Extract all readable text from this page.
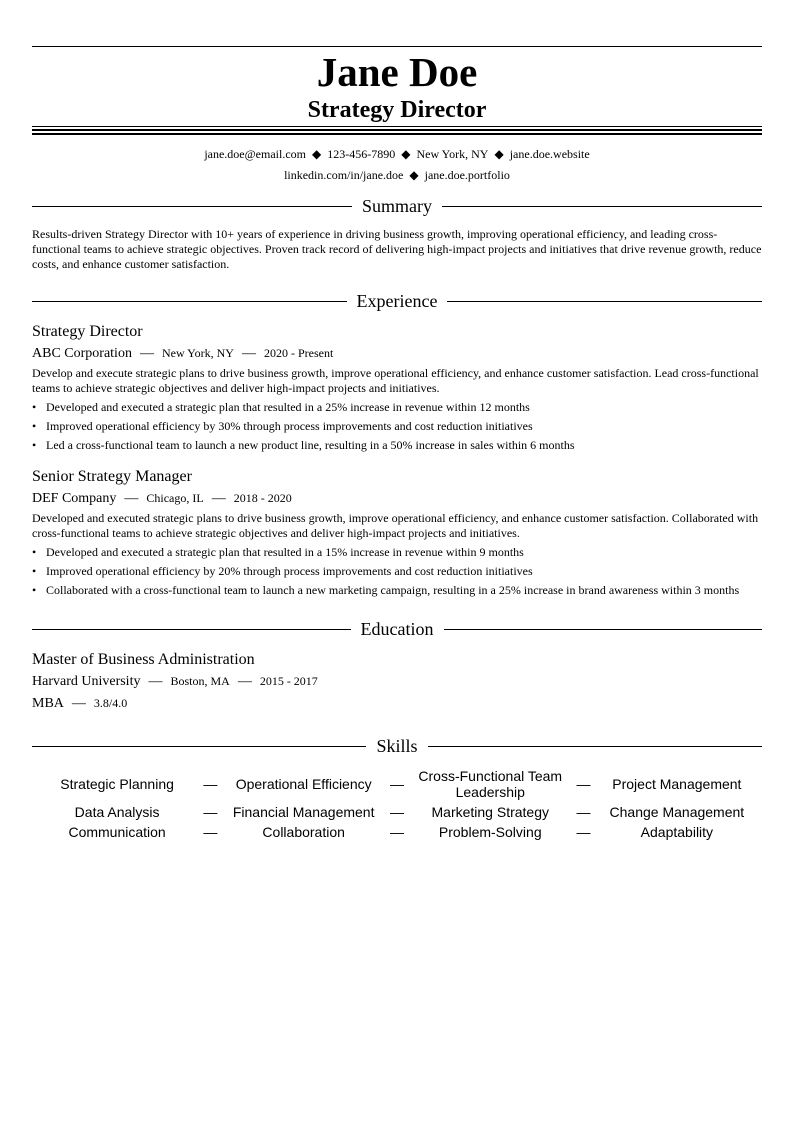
Jane Doe
Strategy Director
jane.doe@email.com ◆ 123-456-7890 ◆ New York, NY ◆ jane.doe.website
linkedin.com/in/jane.doe ◆ jane.doe.portfolio
Summary
Results-driven Strategy Director with 10+ years of experience in driving business growth, improving operational efficiency, and leading cross-functional teams to achieve strategic objectives. Proven track record of delivering high-impact projects and initiatives that drive revenue growth, reduce costs, and enhance customer satisfaction.
Experience
Strategy Director
ABC Corporation — New York, NY — 2020 - Present
Develop and execute strategic plans to drive business growth, improve operational efficiency, and enhance customer satisfaction. Lead cross-functional teams to achieve strategic objectives and deliver high-impact projects and initiatives.
• Developed and executed a strategic plan that resulted in a 25% increase in revenue within 12 months
• Improved operational efficiency by 30% through process improvements and cost reduction initiatives
• Led a cross-functional team to launch a new product line, resulting in a 50% increase in sales within 6 months
Senior Strategy Manager
DEF Company — Chicago, IL — 2018 - 2020
Developed and executed strategic plans to drive business growth, improve operational efficiency, and enhance customer satisfaction. Collaborated with cross-functional teams to achieve strategic objectives and deliver high-impact projects and initiatives.
• Developed and executed a strategic plan that resulted in a 15% increase in revenue within 9 months
• Improved operational efficiency by 20% through process improvements and cost reduction initiatives
• Collaborated with a cross-functional team to launch a new marketing campaign, resulting in a 25% increase in brand awareness within 3 months
Education
Master of Business Administration
Harvard University — Boston, MA — 2015 - 2017
MBA — 3.8/4.0
Skills
Strategic Planning	—	Operational Efficiency	—	Cross-Functional Team Leadership	—	Project Management
Data Analysis	—	Financial Management	—	Marketing Strategy	—	Change Management
Communication	—	Collaboration	—	Problem-Solving	—	Adaptability
